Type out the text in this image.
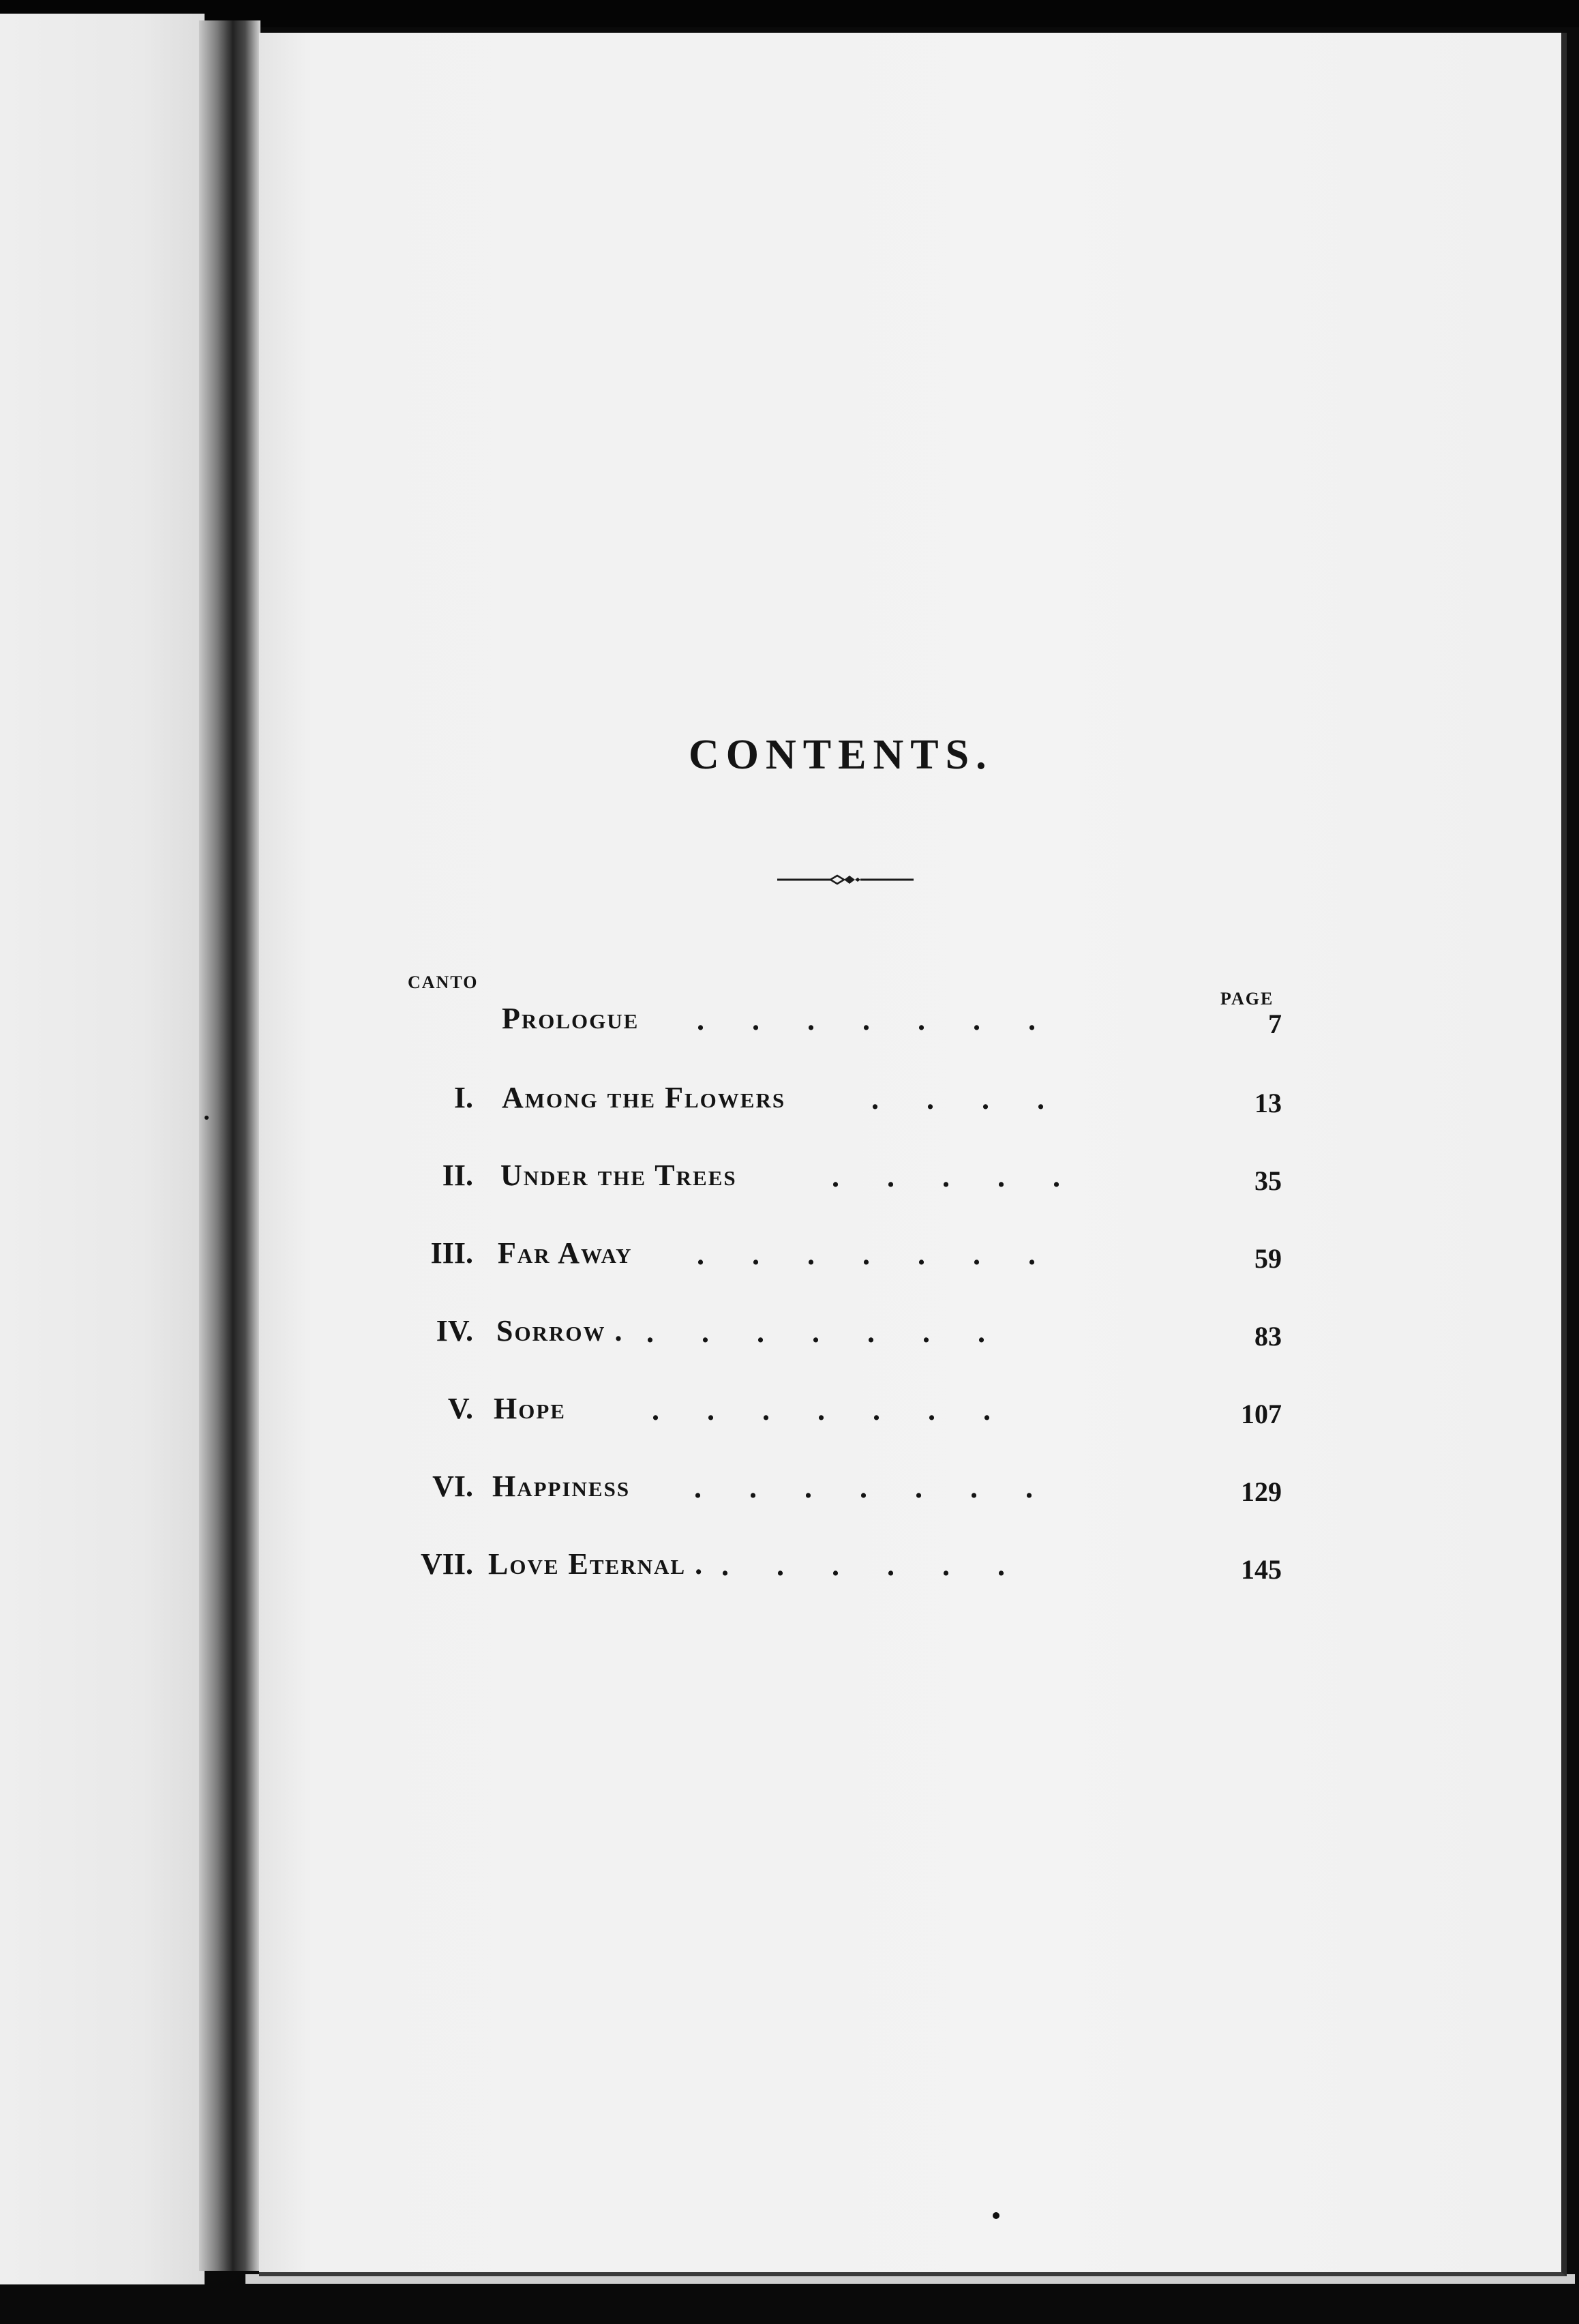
CONTENTS.

CANTO

PAGE

Prologue .......	7
I. Among the Flowers	....	13
II. Under the Trees	.....	35
III. Far Away .......	59
IV. Sorrow . .......	83
V. Hope	.......	107
VI. Happiness .......	129
VII. Love Eternal . ......	145
